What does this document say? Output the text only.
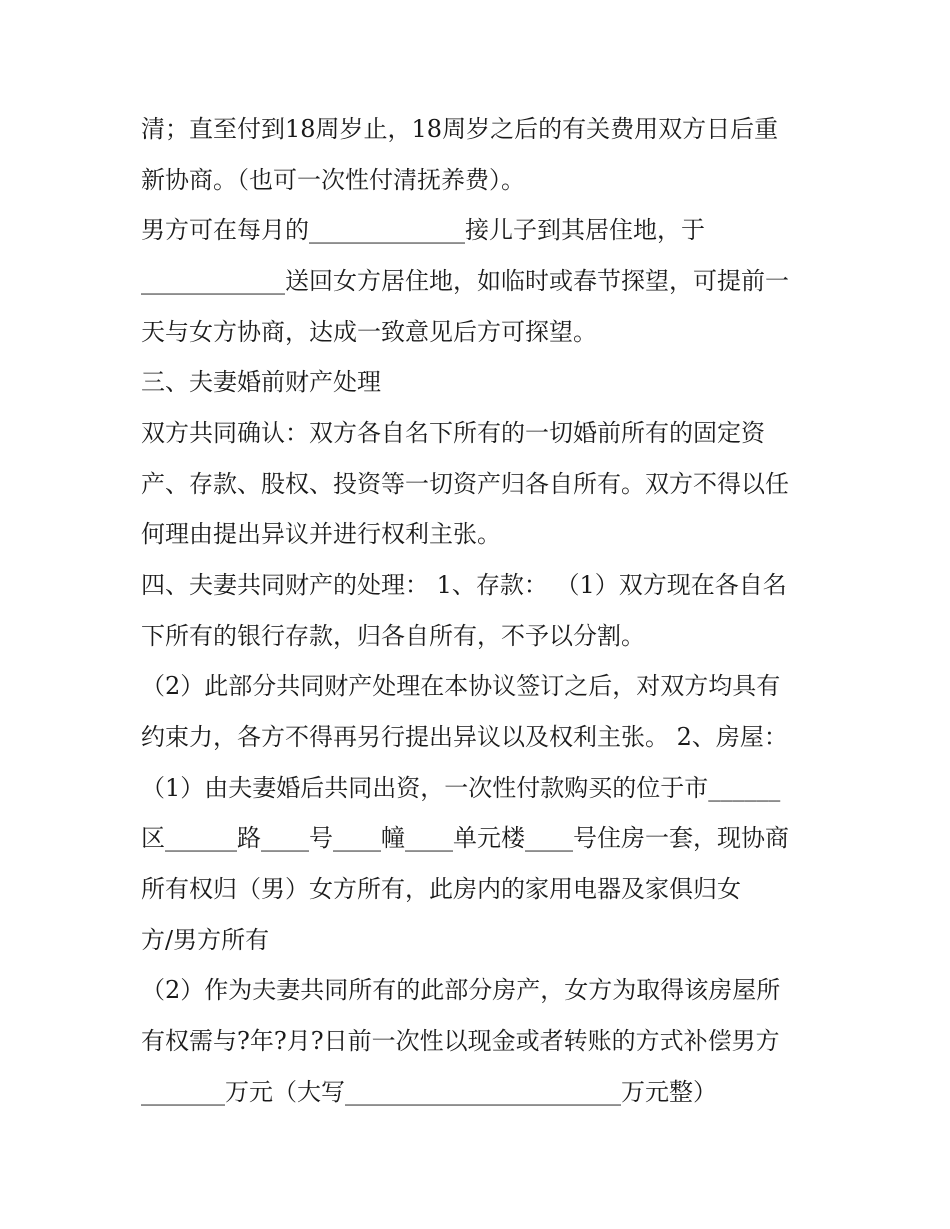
清；直至付到18周岁止，18周岁之后的有关费用双方日后重
新协商。（也可一次性付清抚养费）。
男方可在每月的_____________接儿子到其居住地，于
____________送回女方居住地，如临时或春节探望，可提前一
天与女方协商，达成一致意见后方可探望。
三、夫妻婚前财产处理
双方共同确认：双方各自名下所有的一切婚前所有的固定资
产、存款、股权、投资等一切资产归各自所有。双方不得以任
何理由提出异议并进行权利主张。
四、夫妻共同财产的处理： 1、存款： （1）双方现在各自名
下所有的银行存款，归各自所有，不予以分割。
（2）此部分共同财产处理在本协议签订之后，对双方均具有
约束力，各方不得再另行提出异议以及权利主张。 2、房屋：
（1）由夫妻婚后共同出资，一次性付款购买的位于市______
区______路____号____幢____单元楼____号住房一套，现协商
所有权归（男）女方所有，此房内的家用电器及家俱归女
方/男方所有
（2）作为夫妻共同所有的此部分房产，女方为取得该房屋所
有权需与?年?月?日前一次性以现金或者转账的方式补偿男方
_______万元（大写_______________________万元整）
